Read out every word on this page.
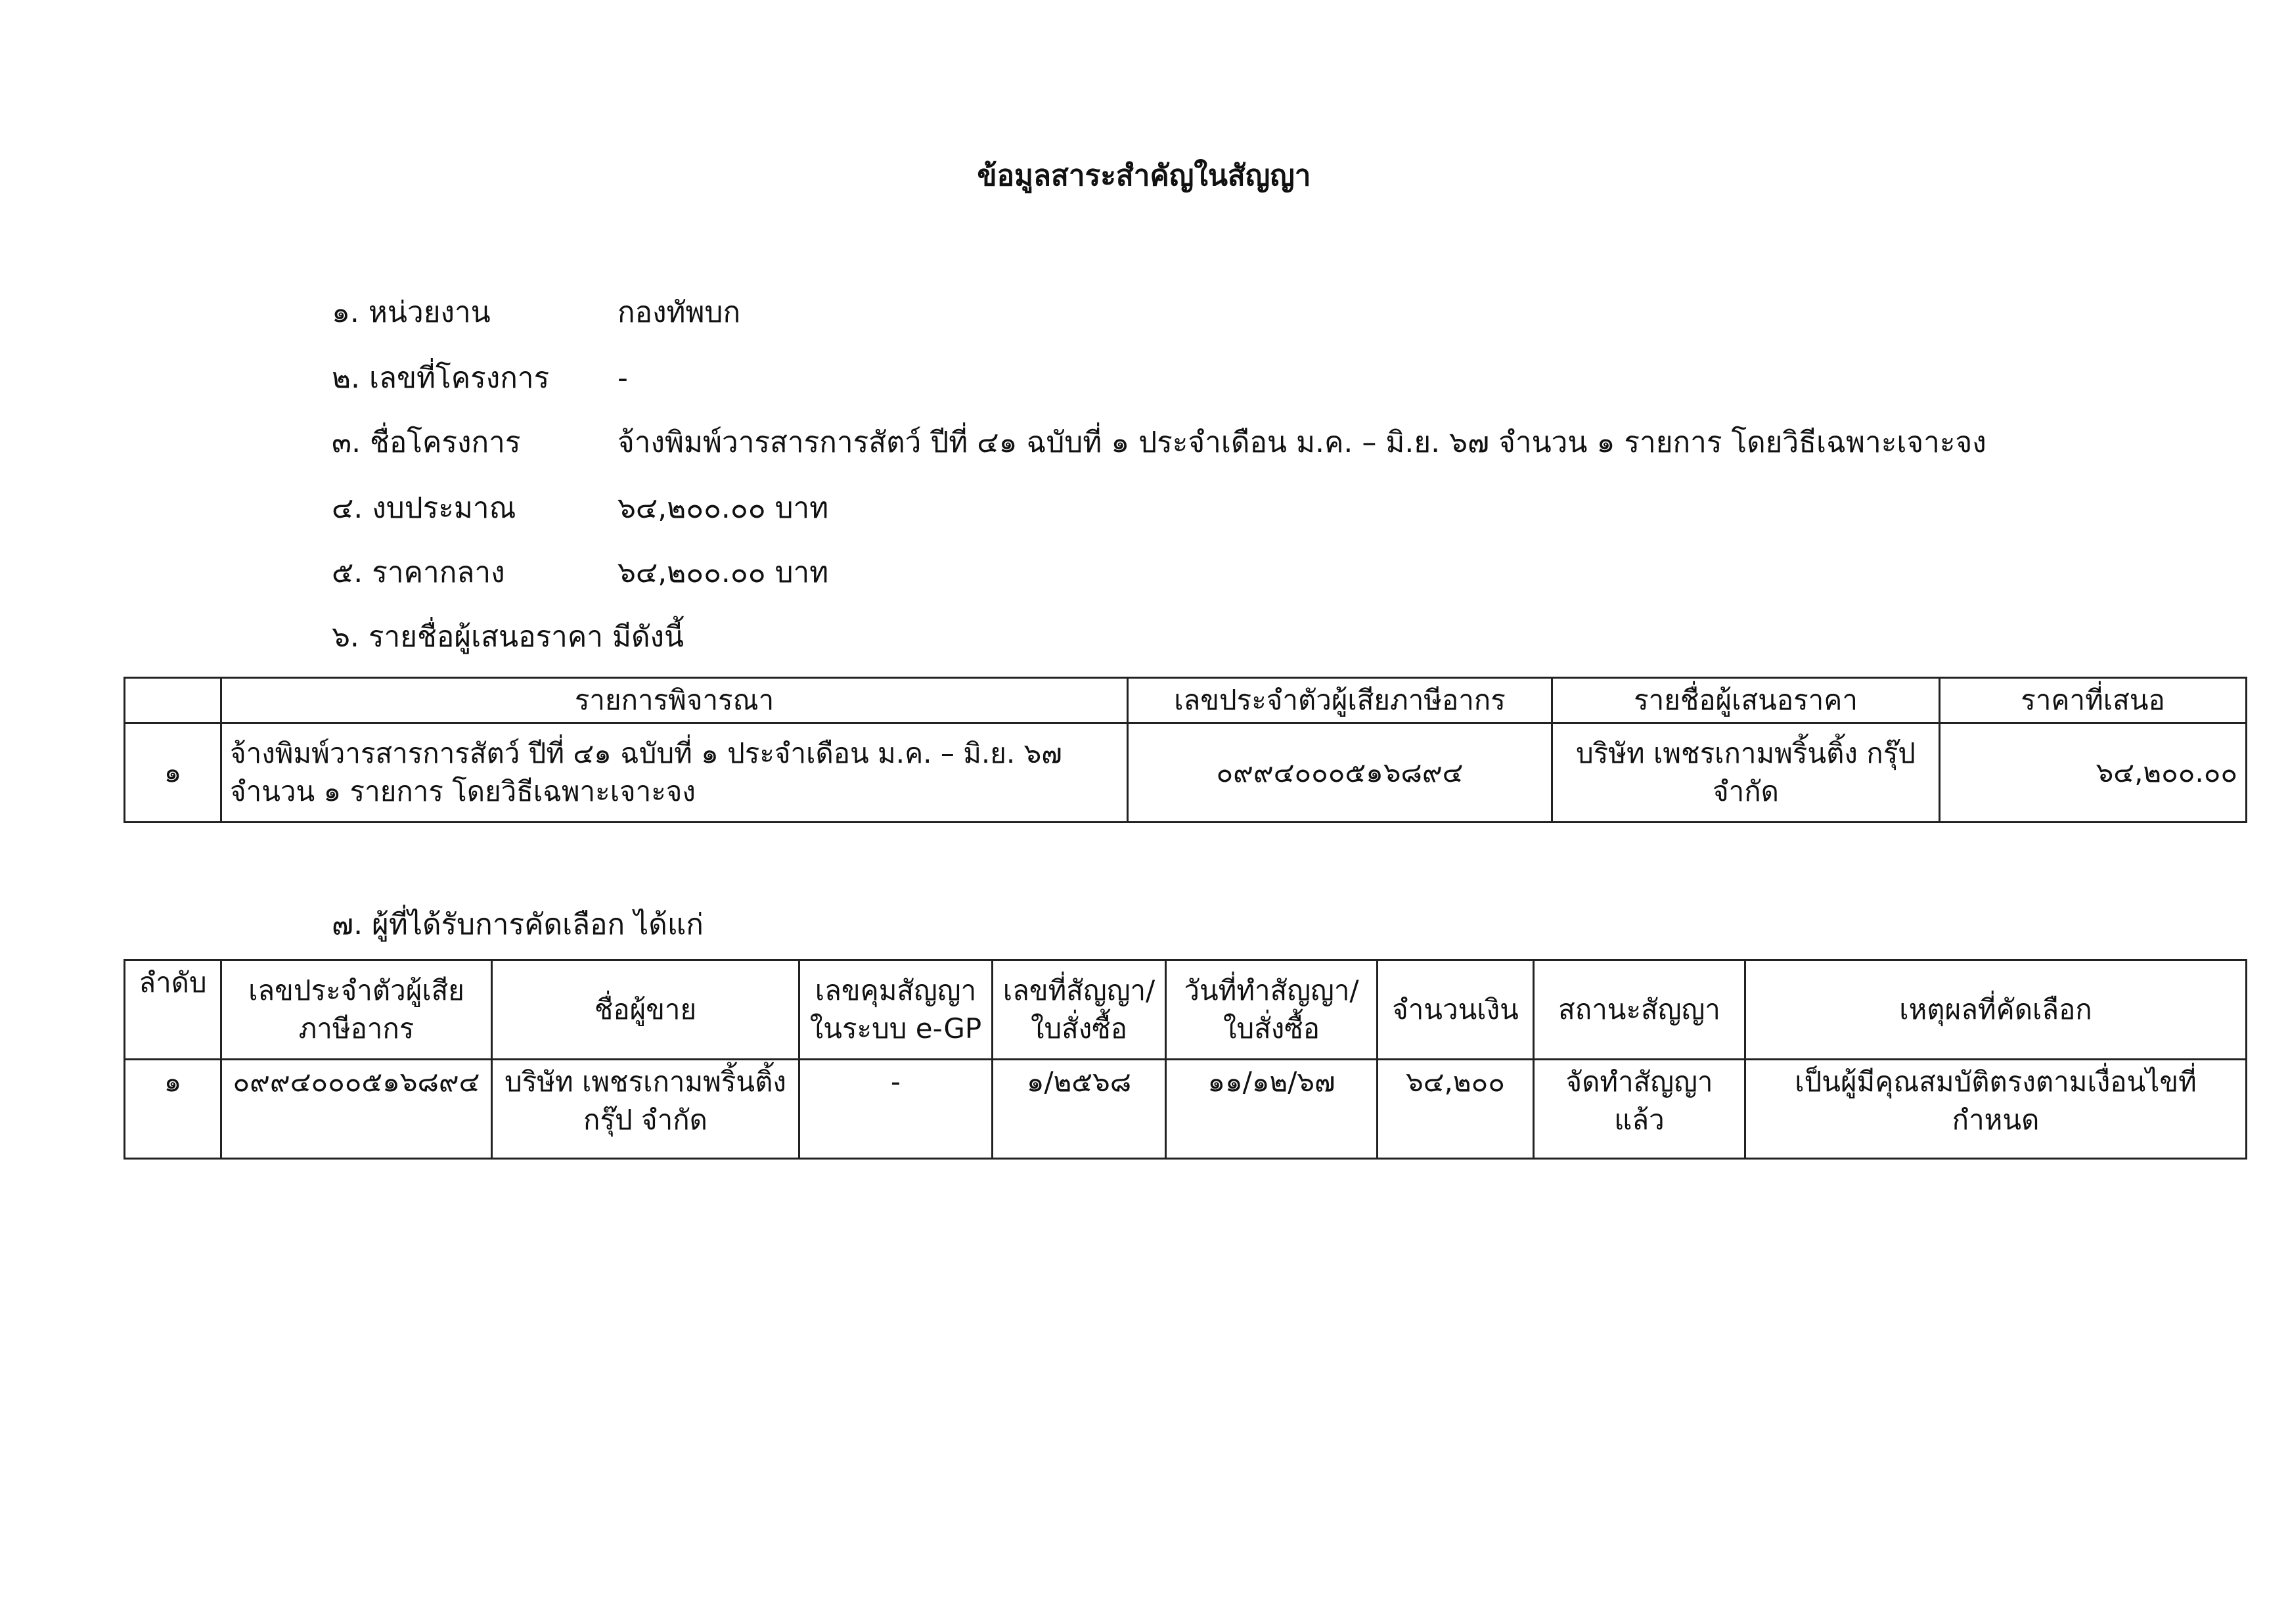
ข้อมูลสาระสำคัญในสัญญา
๑. หน่วยงาน	กองทัพบก
๒. เลขที่โครงการ -
๓. ชื่อโครงการ	จ้างพิมพ์วารสารการสัตว์ ปีที่ ๔๑ ฉบับที่ ๑ ประจำเดือน ม.ค. – มิ.ย. ๖๗ จำนวน ๑ รายการ โดยวิธีเฉพาะเจาะจง
๔. งบประมาณ	๖๔,๒๐๐.๐๐ บาท
๕. ราคากลาง	๖๔,๒๐๐.๐๐ บาท
๖. รายชื่อผู้เสนอราคา มีดังนี้
	รายการพิจารณา	เลขประจำตัวผู้เสียภาษีอากร	รายชื่อผู้เสนอราคา	ราคาที่เสนอ
๑	จ้างพิมพ์วารสารการสัตว์ ปีที่ ๔๑ ฉบับที่ ๑ ประจำเดือน ม.ค. – มิ.ย. ๖๗ จำนวน ๑ รายการ โดยวิธีเฉพาะเจาะจง	๐๙๙๔๐๐๐๕๑๖๘๙๔	บริษัท เพชรเกามพริ้นติ้ง กรุ๊ป จำกัด	๖๔,๒๐๐.๐๐
๗. ผู้ที่ได้รับการคัดเลือก ได้แก่
ลำดับ	เลขประจำตัวผู้เสียภาษีอากร	ชื่อผู้ขาย	เลขคุมสัญญาในระบบ e-GP	เลขที่สัญญา/ใบสั่งซื้อ	วันที่ทำสัญญา/ใบสั่งซื้อ	จำนวนเงิน	สถานะสัญญา	เหตุผลที่คัดเลือก
๑	๐๙๙๔๐๐๐๕๑๖๘๙๔	บริษัท เพชรเกามพริ้นติ้ง กรุ๊ป จำกัด	-	๑/๒๕๖๘	๑๑/๑๒/๖๗	๖๔,๒๐๐	จัดทำสัญญาแล้ว	เป็นผู้มีคุณสมบัติตรงตามเงื่อนไขที่กำหนด
